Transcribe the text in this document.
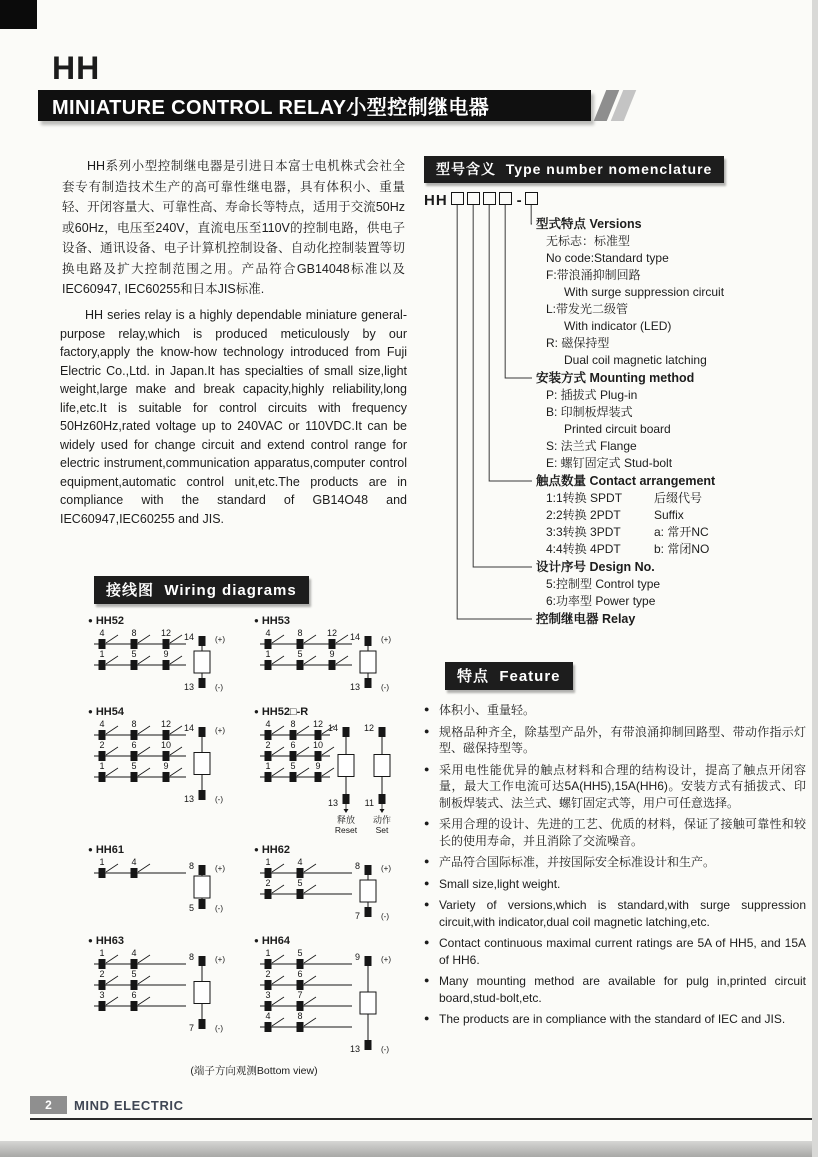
HH
MINIATURE CONTROL RELAY小型控制继电器
HH系列小型控制继电器是引进日本富士电机株式会社全套专有制造技术生产的高可靠性继电器，具有体积小、重量轻、开闭容量大、可靠性高、寿命长等特点，适用于交流50Hz或60Hz，电压至240V，直流电压至110V的控制电路，供电子设备、通讯设备、电子计算机控制设备、自动化控制装置等切换电路及扩大控制范围之用。产品符合GB14048标准以及IEC60947, IEC60255和日本JIS标准.
HH series relay is a highly dependable miniature general-purpose relay,which is produced meticulously by our factory,apply the know-how technology introduced from Fuji Electric Co.,Ltd. in Japan.It has specialties of small size,light weight,large make and break capacity,highly reliability,long life,etc.It is suitable for control circuits with frequency 50Hz60Hz,rated voltage up to 240VAC or 110VDC.It can be widely used for change circuit and extend control range for electric instrument,communication apparatus,computer control equipment,automatic control unit,etc.The products are in compliance with the standard of GB14O48 and IEC60947,IEC60255 and JIS.
接线图  Wiring diagrams
● HH52
4	8	12
1	5	9
(+)
14
13	(-)
● HH53
4	8	12
1	5	9
(+)
14
13	(-)
● HH54
4	8	12
2	6	10
1	5	9
(+)
14
13	(-)
● HH52□-R
4 8 12
2 6 10
1 5 9
14
13
释放
Reset
12
11
动作
Set
● HH61
1	4
(+)
8
5	(-)
● HH62
1	4
2	5
(+)
8
7	(-)
● HH63
1	4
2	5
3	6
(+)
8
7	(-)
● HH64
1	5
2	6
3	7
4	8
(+)
9
13	(-)
(端子方向观测Bottom view)
型号含义  Type number nomenclature
HH	-
型式特点 Versions
无标志：标准型
No code:Standard type
F:带浪涌抑制回路
With surge suppression circuit
L:带发光二级管
With indicator (LED)
R: 磁保持型
Dual coil magnetic latching
安装方式 Mounting method
P: 插拔式 Plug-in
B: 印制板焊装式
Printed circuit board
S: 法兰式 Flange
E: 螺钉固定式 Stud-bolt
触点数量 Contact arrangement
1:1转换 SPDT	后缀代号
2:2转换 2PDT	Suffix
3:3转换 3PDT	a: 常开NC
4:4转换 4PDT	b: 常闭NO
设计序号 Design No.
5:控制型 Control type
6:功率型 Power type
控制继电器 Relay
特点  Feature
● 体积小、重量轻。
● 规格品种齐全，除基型产品外，有带浪涌抑制回路型、带动作指示灯型、磁保持型等。
● 采用电性能优异的触点材料和合理的结构设计，提高了触点开闭容量，最大工作电流可达5A(HH5),15A(HH6)。安装方式有插拔式、印制板焊装式、法兰式、螺钉固定式等，用户可任意选择。
● 采用合理的设计、先进的工艺、优质的材料，保证了接触可靠性和较长的使用寿命，并且消除了交流噪音。
● 产品符合国际标准，并按国际安全标准设计和生产。
● Small size,light weight.
● Variety of versions,which is standard,with surge suppression circuit,with indicator,dual coil magnetic latching,etc.
● Contact continuous maximal current ratings are 5A of HH5, and 15A of HH6.
● Many mounting method are available for pulg in,printed circuit board,stud-bolt,etc.
● The products are in compliance with the standard of IEC and JIS.
2 MIND ELECTRIC
